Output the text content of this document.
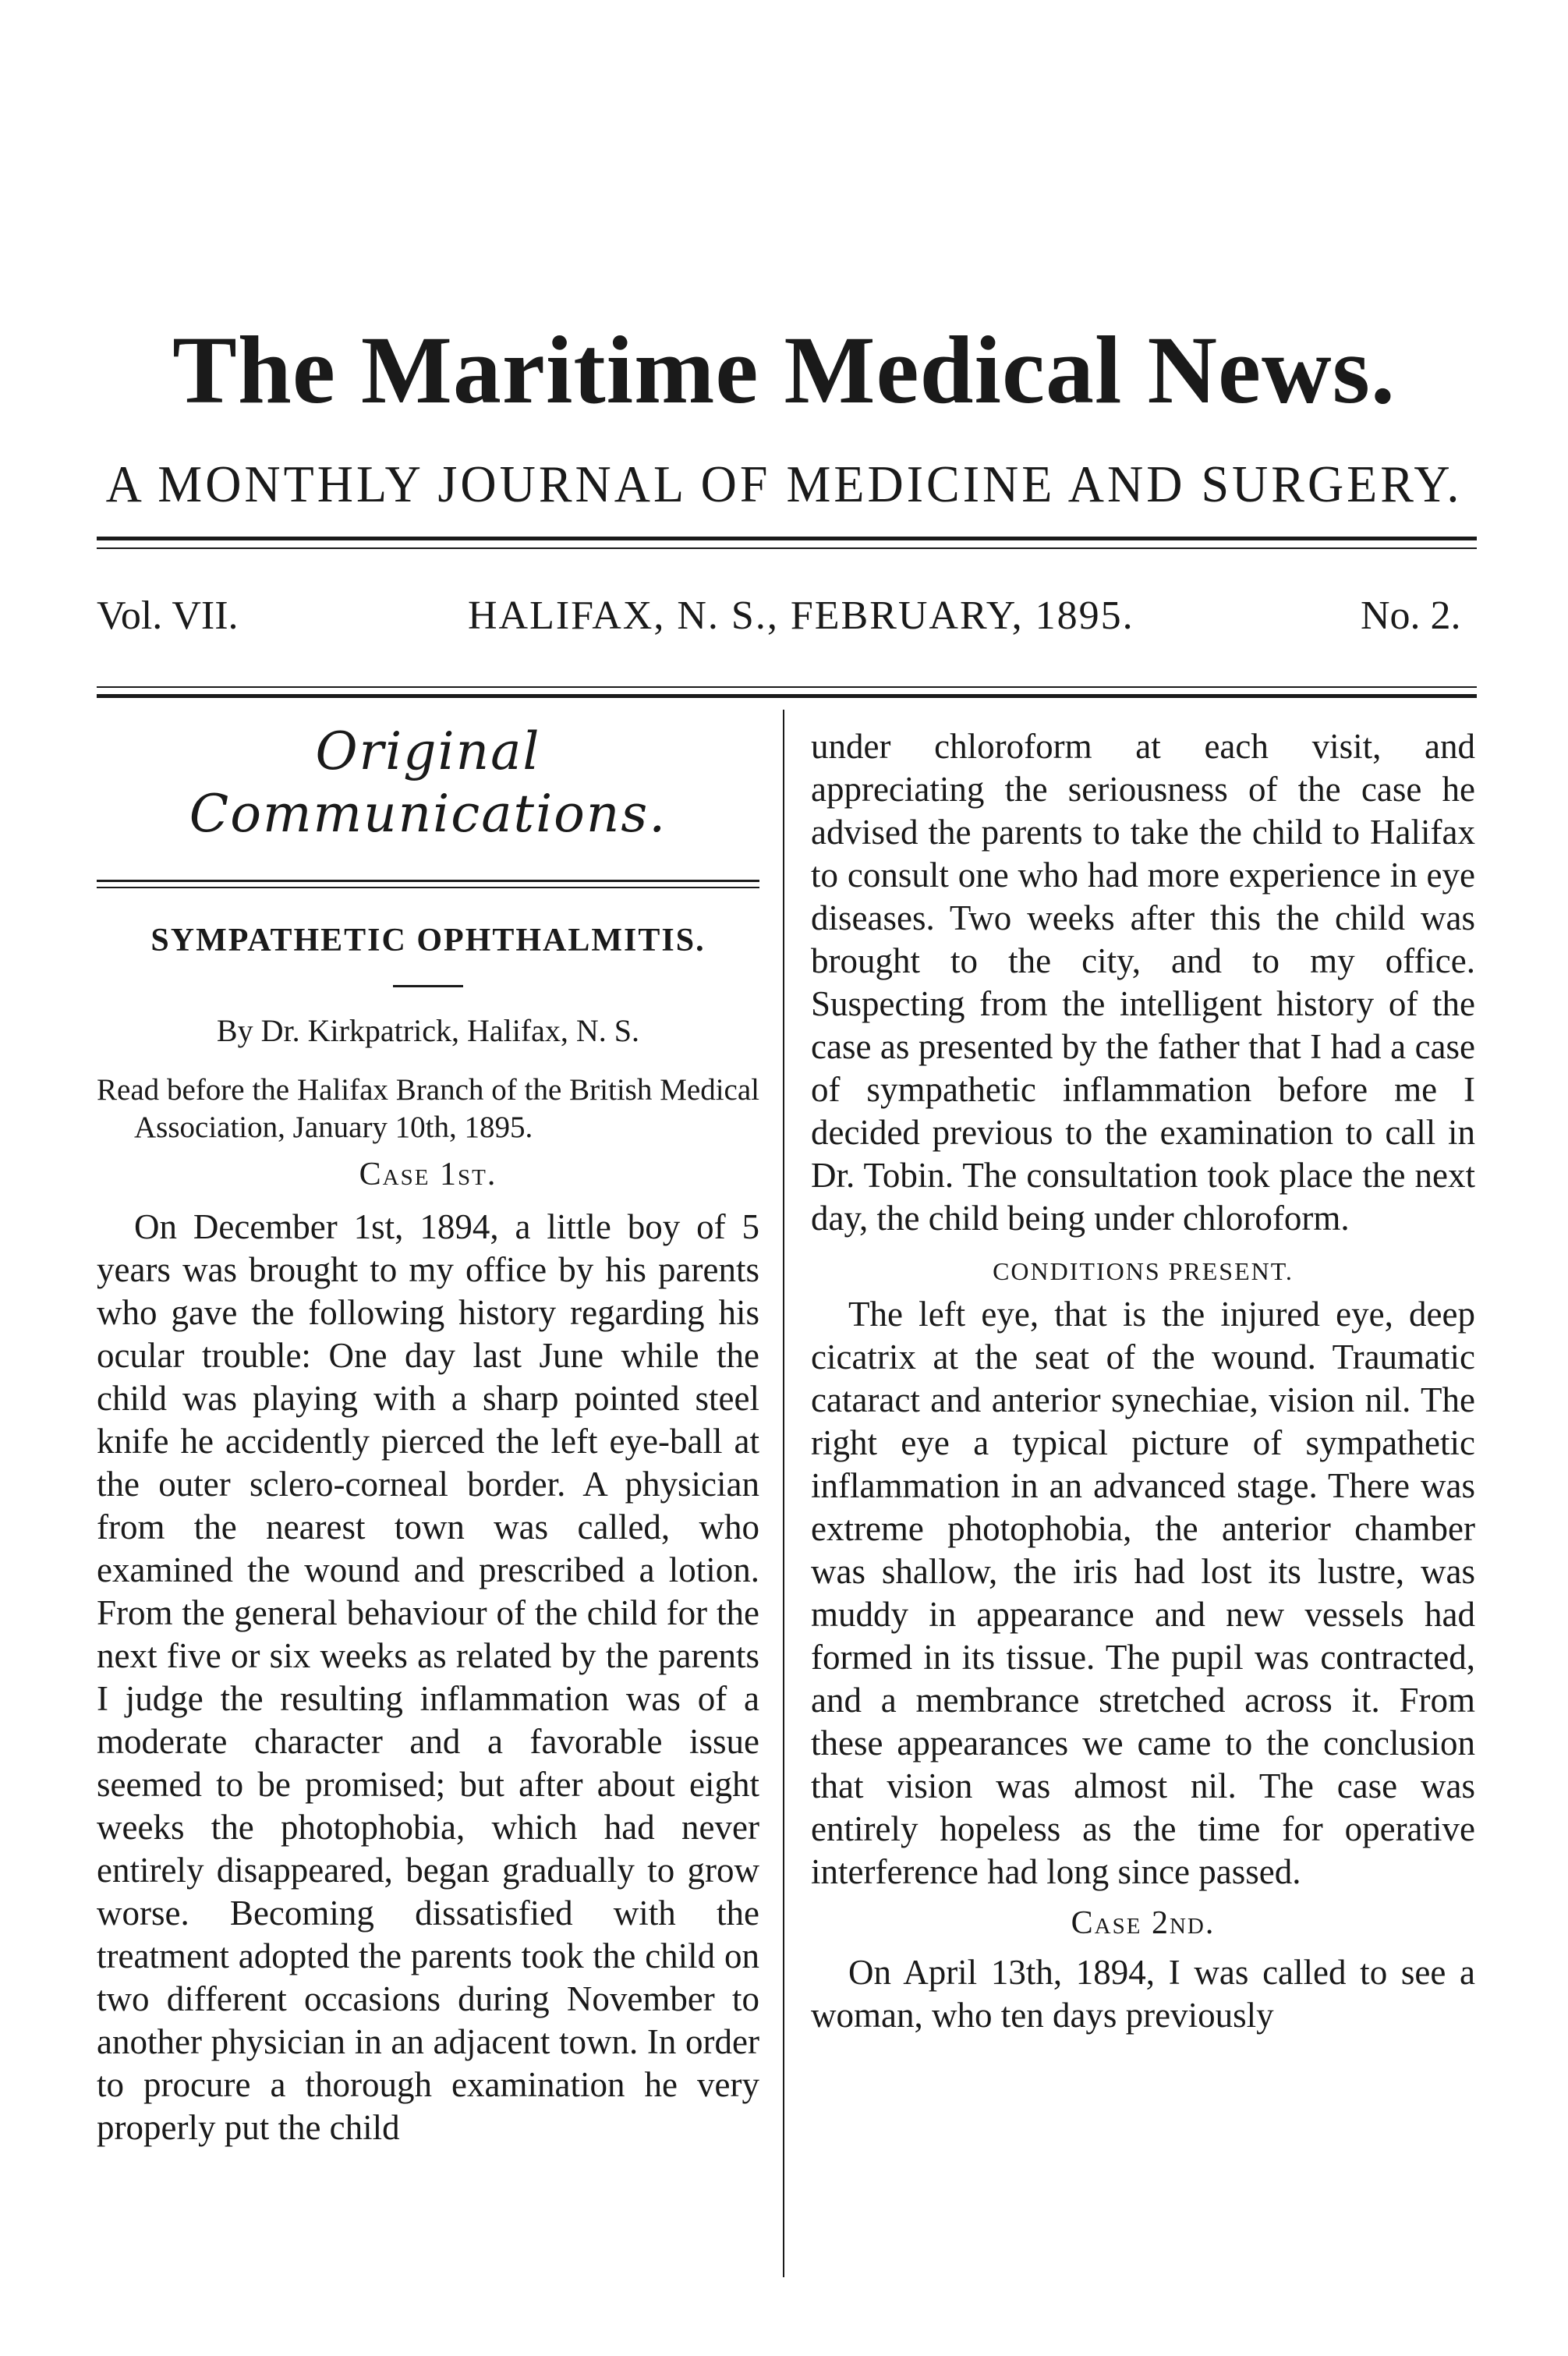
The Maritime Medical News.
A MONTHLY JOURNAL OF MEDICINE AND SURGERY.
Vol. VII.	HALIFAX, N. S., FEBRUARY, 1895.	No. 2.
Original Communications.
SYMPATHETIC OPHTHALMITIS.
By Dr. Kirkpatrick, Halifax, N. S.

Read before the Halifax Branch of the British Medical Association, January 10th, 1895.

Case 1st.

On December 1st, 1894, a little boy of 5 years was brought to my office by his parents who gave the following history regarding his ocular trouble: One day last June while the child was playing with a sharp pointed steel knife he accidently pierced the left eye-ball at the outer sclero-corneal border. A physician from the nearest town was called, who examined the wound and prescribed a lotion. From the general behaviour of the child for the next five or six weeks as related by the parents I judge the resulting inflammation was of a moderate character and a favorable issue seemed to be promised; but after about eight weeks the photophobia, which had never entirely disappeared, began gradually to grow worse. Becoming dissatisfied with the treatment adopted the parents took the child on two different occasions during November to another physician in an adjacent town. In order to procure a thorough examination he very properly put the child

under chloroform at each visit, and appreciating the seriousness of the case he advised the parents to take the child to Halifax to consult one who had more experience in eye diseases. Two weeks after this the child was brought to the city, and to my office. Suspecting from the intelligent history of the case as presented by the father that I had a case of sympathetic inflammation before me I decided previous to the examination to call in Dr. Tobin. The consultation took place the next day, the child being under chloroform.

CONDITIONS PRESENT.

The left eye, that is the injured eye, deep cicatrix at the seat of the wound. Traumatic cataract and anterior synechiae, vision nil. The right eye a typical picture of sympathetic inflammation in an advanced stage. There was extreme photophobia, the anterior chamber was shallow, the iris had lost its lustre, was muddy in appearance and new vessels had formed in its tissue. The pupil was contracted, and a membrance stretched across it. From these appearances we came to the conclusion that vision was almost nil. The case was entirely hopeless as the time for operative interference had long since passed.

Case 2nd.

On April 13th, 1894, I was called to see a woman, who ten days previously
